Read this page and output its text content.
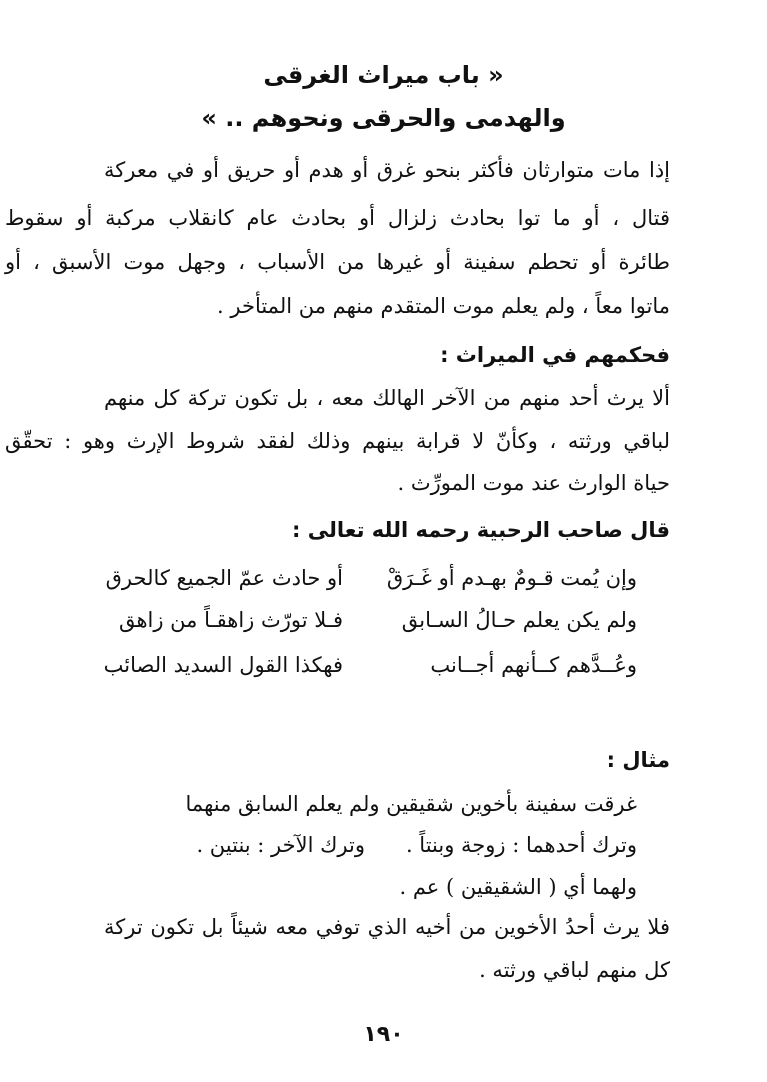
« باب ميراث الغرقى
والهدمى والحرقى ونحوهم .. »
إذا مات متوارثان فأكثر بنحو غرق أو هدم أو حريق أو في معركة
قتال ، أو ما توا بحادث زلزال أو بحادث عام كانقلاب مركبة أو سقوط
طائرة أو تحطم سفينة أو غيرها من الأسباب ، وجهل موت الأسبق ، أو
ماتوا معاً ، ولم يعلم موت المتقدم منهم من المتأخر .
فحكمهم في الميراث :
ألا يرث أحد منهم من الآخر الهالك معه ، بل تكون تركة كل منهم
لباقي ورثته ، وكأنّ لا قرابة بينهم وذلك لفقد شروط الإرث وهو : تحقّق
حياة الوارث عند موت المورِّث .
قال صاحب الرحبية رحمه الله تعالى :
وإن يُمت قـومٌ بهـدم أو غَـرَقْ
أو حادث عمّ الجميع كالحرق
ولم يكن يعلم حـالُ السـابق
فـلا تورّث زاهقـاً من زاهق
وعُــدَّهم كــأنهم أجــانب
فهكذا القول السديد الصائب
مثال :
غرقت سفينة بأخوين شقيقين ولم يعلم السابق منهما
وترك أحدهما : زوجة وبنتاً .
وترك الآخر : بنتين .
ولهما أي ( الشقيقين ) عم .
فلا يرث أحدُ الأخوين من أخيه الذي توفي معه شيئاً بل تكون تركة
كل منهم لباقي ورثته .
١٩٠
